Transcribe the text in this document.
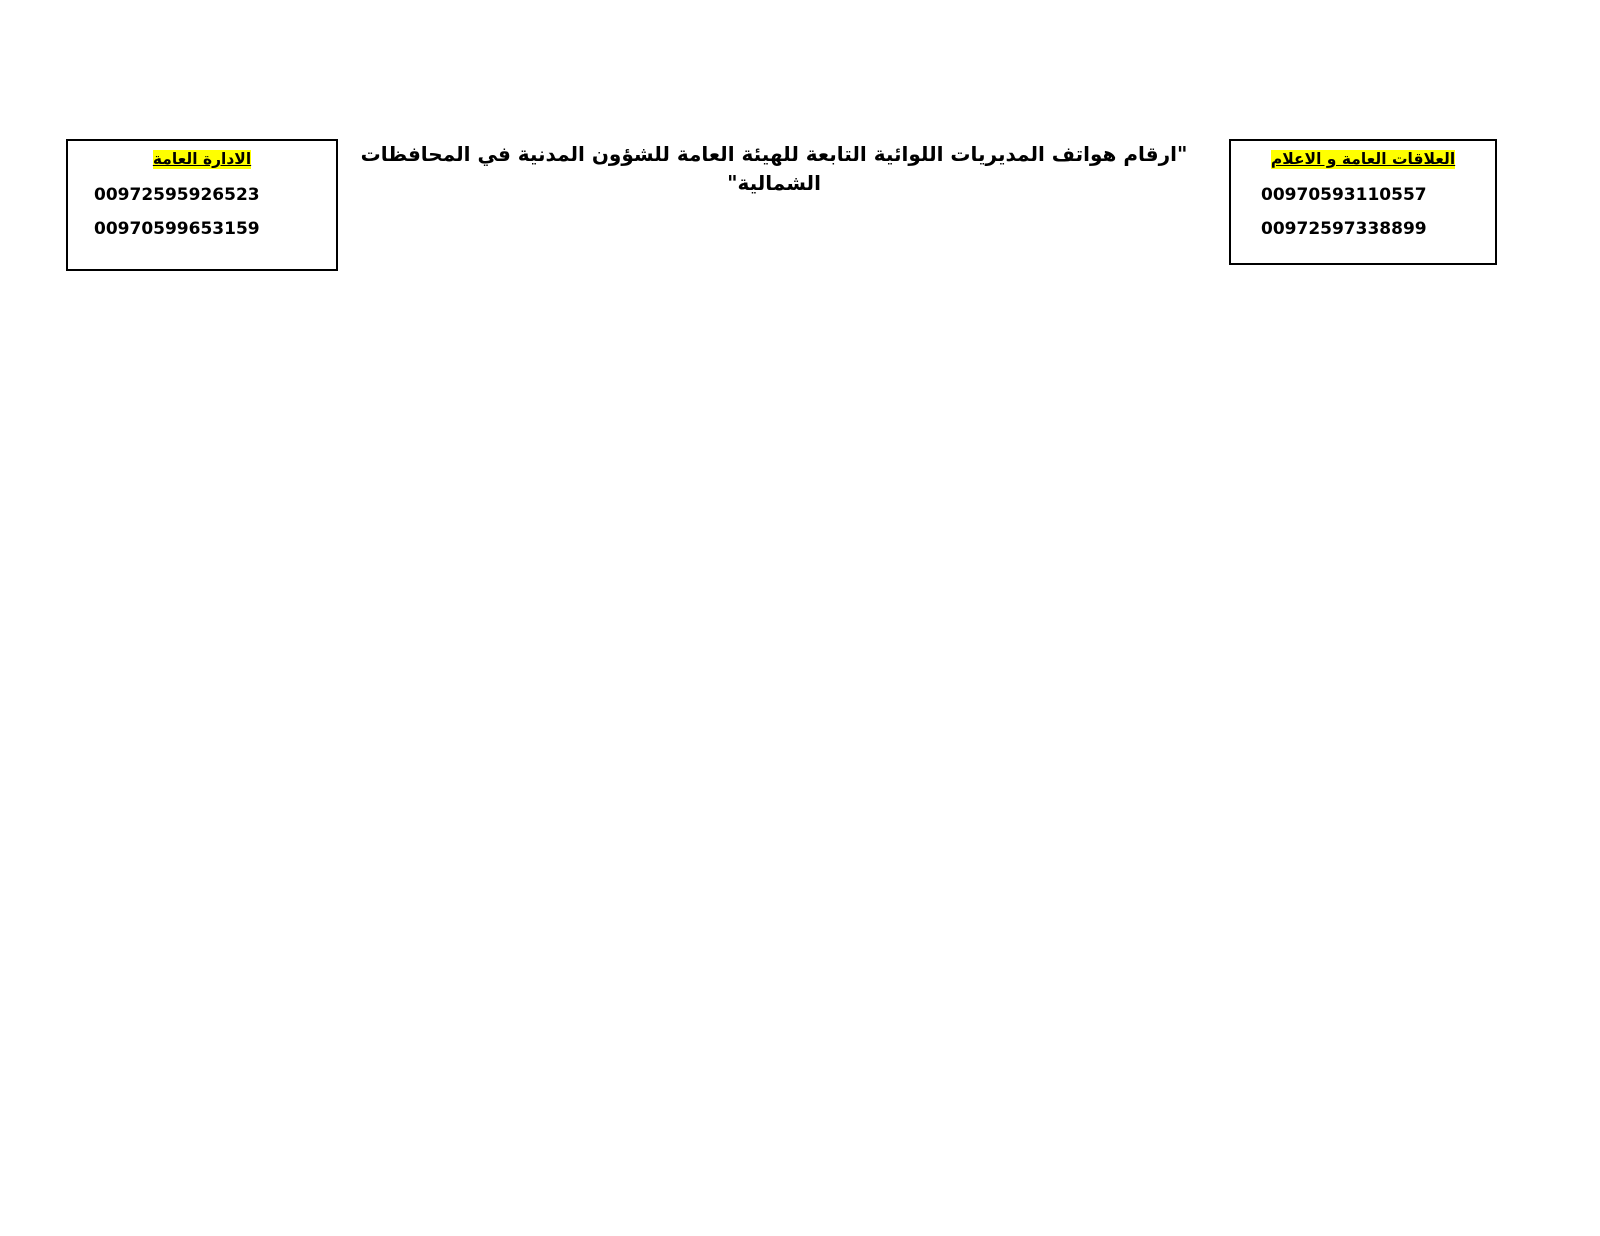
الادارة العامة
00972595926523
00970599653159
"ارقام هواتف المديريات اللوائية التابعة للهيئة العامة للشؤون المدنية في المحافظات الشمالية"
العلاقات العامة و الاعلام
00970593110557
00972597338899
